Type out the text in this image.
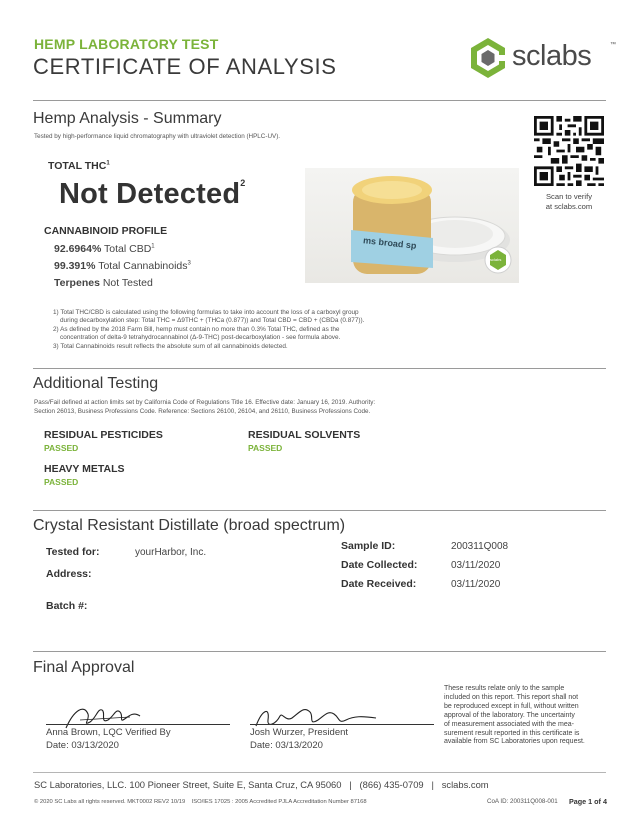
HEMP LABORATORY TEST
CERTIFICATE OF ANALYSIS	sclabs	™
Hemp Analysis - Summary
Tested by high-performance liquid chromatography with ultraviolet detection (HPLC-UV).
TOTAL THC$^1$
Not Detected$^2$
CANNABINOID PROFILE
92.6964% Total CBD$^1$
99.391% Total Cannabinoids$^3$
Terpenes Not Tested
ms broad sp
sclabs
Scan to verify
at sclabs.com
1) Total THC/CBD is calculated using the following formulas to take into account the loss of a carboxyl group
during decarboxylation step: Total THC = Δ9THC + (THCa (0.877)) and Total CBD = CBD + (CBDa (0.877)).
2) As defined by the 2018 Farm Bill, hemp must contain no more than 0.3% Total THC, defined as the
concentration of delta-9 tetrahydrocannabinol (Δ-9-THC) post-decarboxylation - see formula above.
3) Total Cannabinoids result reflects the absolute sum of all cannabinoids detected.
Additional Testing
Pass/Fail defined at action limits set by California Code of Regulations Title 16. Effective date: January 16, 2019. Authority:
Section 26013, Business Professions Code. Reference: Sections 26100, 26104, and 26110, Business Professions Code.
RESIDUAL PESTICIDES
PASSED
RESIDUAL SOLVENTS
PASSED
HEAVY METALS
PASSED
Crystal Resistant Distillate (broad spectrum)
Tested for:	yourHarbor, Inc.
Address:
Batch #:
Sample ID:	200311Q008
Date Collected:	03/11/2020
Date Received:	03/11/2020
Final Approval
Anna Brown, LQC Verified By
Date: 03/13/2020
Josh Wurzer, President
Date: 03/13/2020
These results relate only to the sample
included on this report. This report shall not
be reproduced except in full, without written
approval of the laboratory. The uncertainty
of measurement associated with the mea-
surement result reported in this certificate is
available from SC Laboratories upon request.
SC Laboratories, LLC. 100 Pioneer Street, Suite E, Santa Cruz, CA 95060   |   (866) 435-0709   |   sclabs.com
© 2020 SC Labs all rights reserved. MKT0002 REV2 10/19    ISO/IES 17025 : 2005 Accredited PJLA Accreditation Number 87168	CoA ID: 200311Q008-001 Page 1 of 4
